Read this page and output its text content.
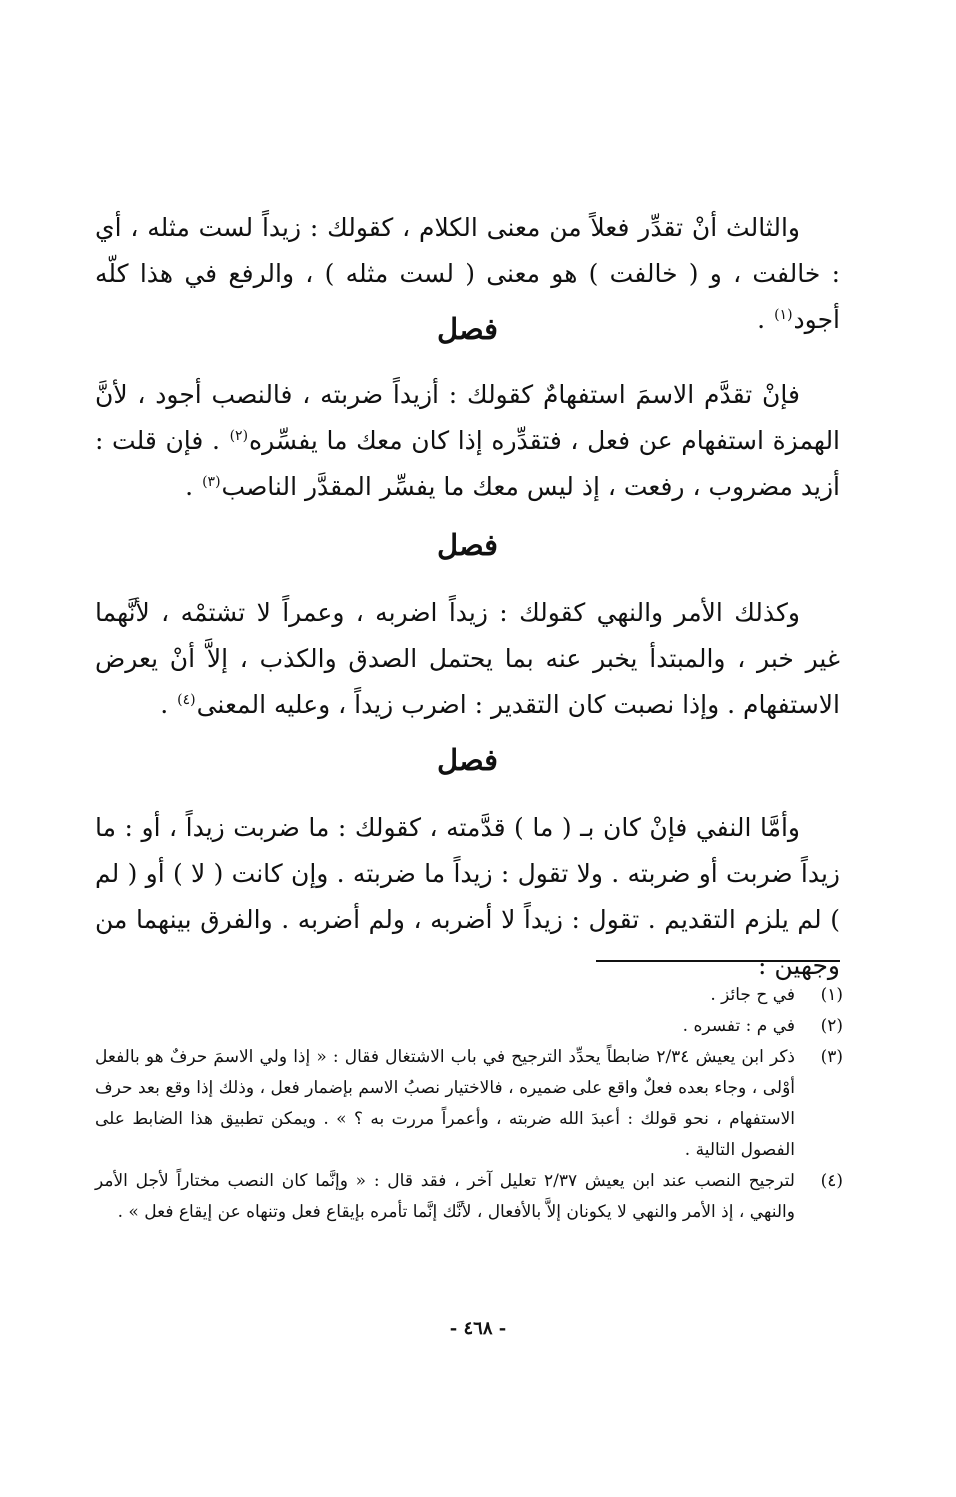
والثالث أنْ تقدِّر فعلاً من معنى الكلام ، كقولك : زيداً لست مثله ، أي : خالفت ، و ( خالفت ) هو معنى ( لست مثله ) ، والرفع في هذا كلّه أجود$^{(١)}$ .

فصل

فإنْ تقدَّم الاسمَ استفهامٌ كقولك : أزيداً ضربته ، فالنصب أجود ، لأنَّ الهمزة استفهام عن فعل ، فتقدِّره إذا كان معك ما يفسِّره$^{(٢)}$ . فإن قلت : أزيد مضروب ، رفعت ، إذ ليس معك ما يفسِّر المقدَّر الناصب$^{(٣)}$ .

فصل

وكذلك الأمر والنهي كقولك : زيداً اضربه ، وعمراً لا تشتمْه ، لأنَّهما غير خبر ، والمبتدأ يخبر عنه بما يحتمل الصدق والكذب ، إلاَّ أنْ يعرض الاستفهام . وإذا نصبت كان التقدير : اضرب زيداً ، وعليه المعنى$^{(٤)}$ .

فصل

وأمَّا النفي فإنْ كان بـ ( ما ) قدَّمته ، كقولك : ما ضربت زيداً ، أو : ما زيداً ضربت أو ضربته . ولا تقول : زيداً ما ضربته . وإن كانت ( لا ) أو ( لم ) لم يلزم التقديم . تقول : زيداً لا أضربه ، ولم أضربه . والفرق بينهما من وجهين :

(١)
في ح جائز .
(٢)
في م : تفسره .
(٣)
ذكر ابن يعيش ٢/٣٤ ضابطاً يحدِّد الترجيح في باب الاشتغال فقال : « إذا ولي الاسمَ حرفٌ هو بالفعل أوْلى ، وجاء بعده فعلٌ واقع على ضميره ، فالاختيار نصبُ الاسم بإضمار فعل ، وذلك إذا وقع بعد حرف الاستفهام ، نحو قولك : أعبدَ الله ضربته ، وأعمراً مررت به ؟ » . ويمكن تطبيق هذا الضابط على الفصول التالية .
(٤)
لترجيح النصب عند ابن يعيش ٢/٣٧ تعليل آخر ، فقد قال : « وإنَّما كان النصب مختاراً لأجل الأمر والنهي ، إذ الأمر والنهي لا يكونان إلاَّ بالأفعال ، لأنَّك إنَّما تأمره بإيقاع فعل وتنهاه عن إيقاع فعل » .
- ٤٦٨ -
